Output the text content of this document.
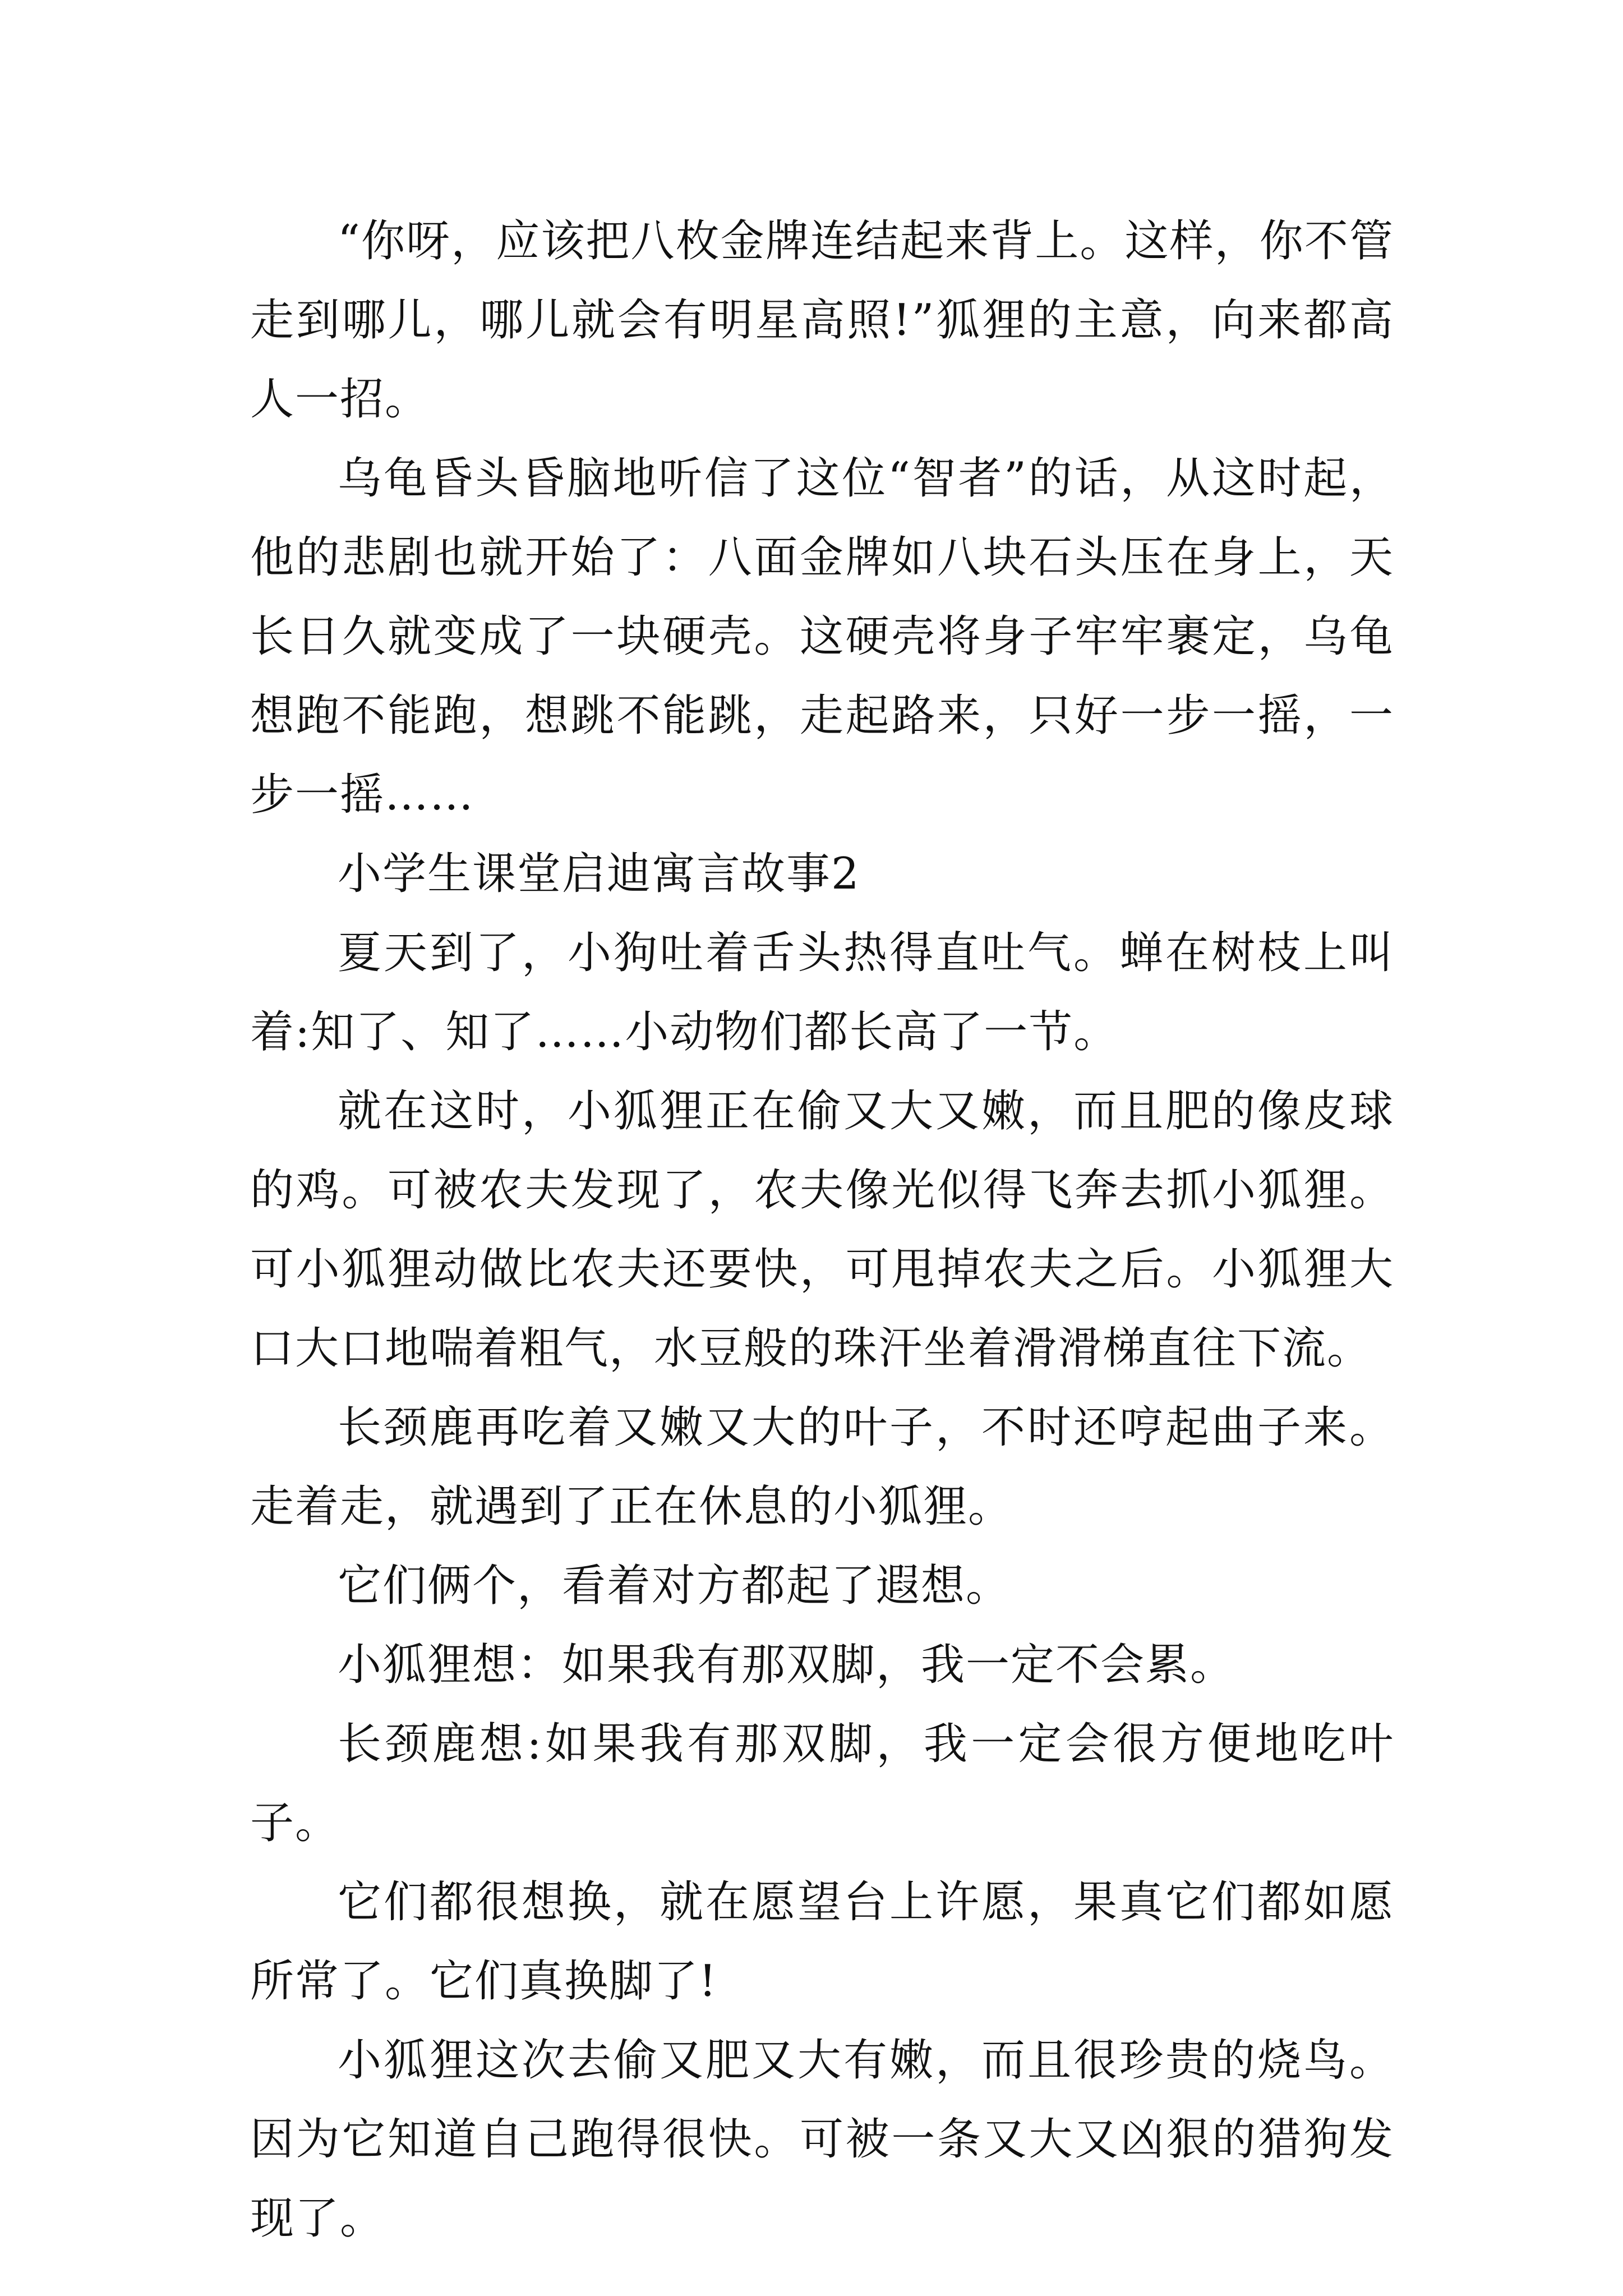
“你呀，应该把八枚金牌连结起来背上。这样，你不管走到哪儿，哪儿就会有明星高照!”狐狸的主意，向来都高人一招。

乌龟昏头昏脑地听信了这位“智者”的话，从这时起，他的悲剧也就开始了：八面金牌如八块石头压在身上，天长日久就变成了一块硬壳。这硬壳将身子牢牢裹定，乌龟想跑不能跑，想跳不能跳，走起路来，只好一步一摇，一步一摇……

小学生课堂启迪寓言故事2

夏天到了，小狗吐着舌头热得直吐气。蝉在树枝上叫着:知了、知了……小动物们都长高了一节。

就在这时，小狐狸正在偷又大又嫩，而且肥的像皮球的鸡。可被农夫发现了，农夫像光似得飞奔去抓小狐狸。可小狐狸动做比农夫还要快，可甩掉农夫之后。小狐狸大口大口地喘着粗气，水豆般的珠汗坐着滑滑梯直往下流。

长颈鹿再吃着又嫩又大的叶子，不时还哼起曲子来。走着走，就遇到了正在休息的小狐狸。

它们俩个，看着对方都起了遐想。

小狐狸想：如果我有那双脚，我一定不会累。

长颈鹿想:如果我有那双脚，我一定会很方便地吃叶子。

它们都很想换，就在愿望台上许愿，果真它们都如愿所常了。它们真换脚了!

小狐狸这次去偷又肥又大有嫩，而且很珍贵的烧鸟。因为它知道自己跑得很快。可被一条又大又凶狠的猎狗发现了。
